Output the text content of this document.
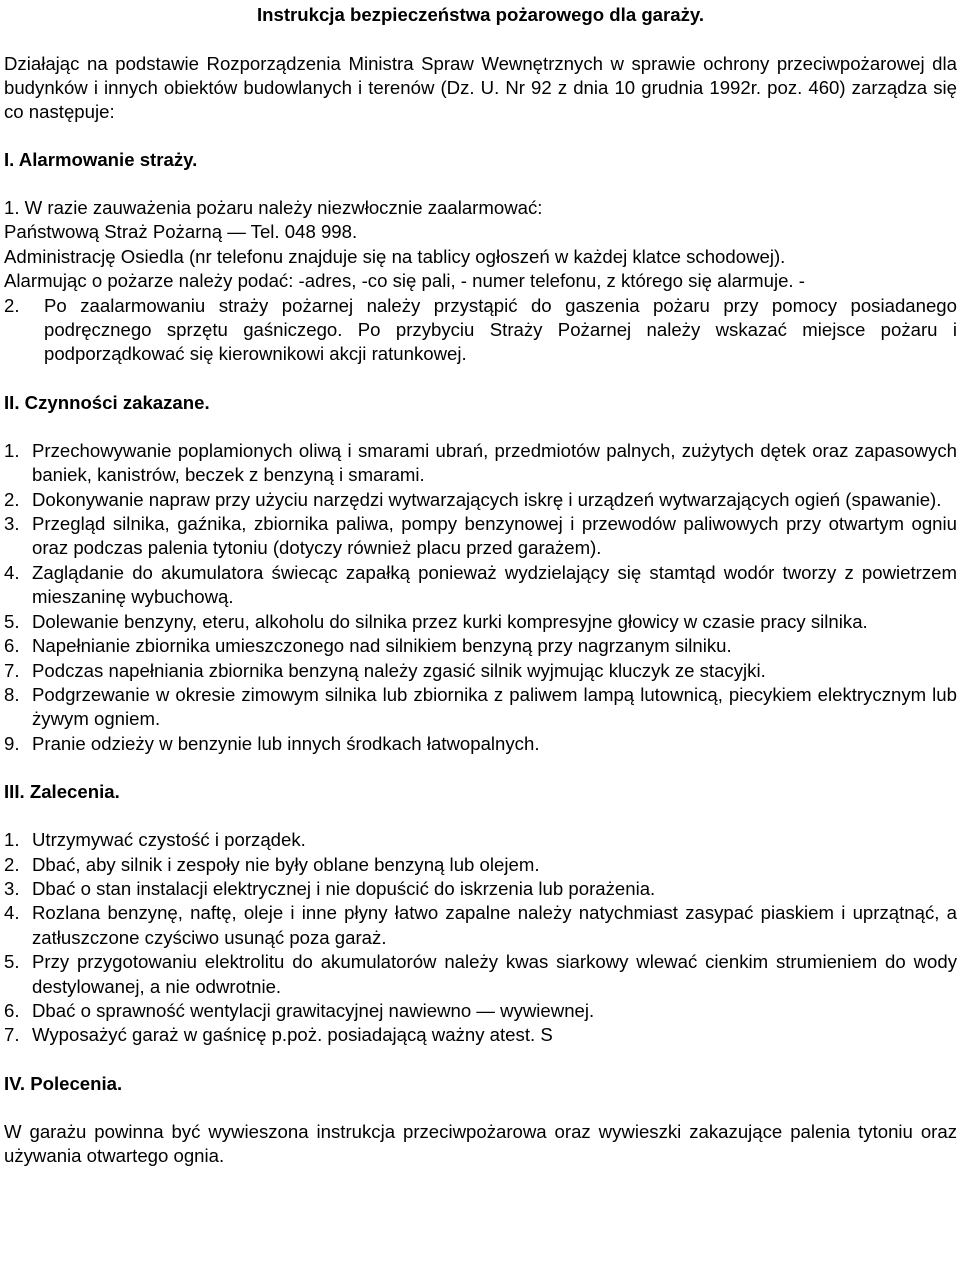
Instrukcja bezpieczeństwa pożarowego dla garaży.

Działając na podstawie Rozporządzenia Ministra Spraw Wewnętrznych w sprawie ochrony przeciwpożarowej dla budynków i innych obiektów budowlanych i terenów (Dz. U. Nr 92 z dnia 10 grudnia 1992r. poz. 460) zarządza się co następuje:

I. Alarmowanie straży.
1. W razie zauważenia pożaru należy niezwłocznie zaalarmować:
Państwową Straż Pożarną — Tel. 048 998.
Administrację Osiedla (nr telefonu znajduje się na tablicy ogłoszeń w każdej klatce schodowej).
Alarmując o pożarze należy podać: -adres, -co się pali, - numer telefonu, z którego się alarmuje. -
2. Po zaalarmowaniu straży pożarnej należy przystąpić do gaszenia pożaru przy pomocy posiadanego podręcznego sprzętu gaśniczego. Po przybyciu Straży Pożarnej należy wskazać miejsce pożaru i podporządkować się kierownikowi akcji ratunkowej.
II. Czynności zakazane.
1. Przechowywanie poplamionych oliwą i smarami ubrań, przedmiotów palnych, zużytych dętek oraz zapasowych baniek, kanistrów, beczek z benzyną i smarami.
2. Dokonywanie napraw przy użyciu narzędzi wytwarzających iskrę i urządzeń wytwarzających ogień (spawanie).
3. Przegląd silnika, gaźnika, zbiornika paliwa, pompy benzynowej i przewodów paliwowych przy otwartym ogniu oraz podczas palenia tytoniu (dotyczy również placu przed garażem).
4. Zaglądanie do akumulatora świecąc zapałką ponieważ wydzielający się stamtąd wodór tworzy z powietrzem mieszaninę wybuchową.
5. Dolewanie benzyny, eteru, alkoholu do silnika przez kurki kompresyjne głowicy w czasie pracy silnika.
6. Napełnianie zbiornika umieszczonego nad silnikiem benzyną przy nagrzanym silniku.
7. Podczas napełniania zbiornika benzyną należy zgasić silnik wyjmując kluczyk ze stacyjki.
8. Podgrzewanie w okresie zimowym silnika lub zbiornika z paliwem lampą lutownicą, piecykiem elektrycznym lub żywym ogniem.
9. Pranie odzieży w benzynie lub innych środkach łatwopalnych.
III. Zalecenia.
1. Utrzymywać czystość i porządek.
2. Dbać, aby silnik i zespoły nie były oblane benzyną lub olejem.
3. Dbać o stan instalacji elektrycznej i nie dopuścić do iskrzenia lub porażenia.
4. Rozlana benzynę, naftę, oleje i inne płyny łatwo zapalne należy natychmiast zasypać piaskiem i uprzątnąć, a zatłuszczone czyściwo usunąć poza garaż.
5. Przy przygotowaniu elektrolitu do akumulatorów należy kwas siarkowy wlewać cienkim strumieniem do wody destylowanej, a nie odwrotnie.
6. Dbać o sprawność wentylacji grawitacyjnej nawiewno — wywiewnej.
7. Wyposażyć garaż w gaśnicę p.poż. posiadającą ważny atest. S
IV. Polecenia.

W garażu powinna być wywieszona instrukcja przeciwpożarowa oraz wywieszki zakazujące palenia tytoniu oraz używania otwartego ognia.
